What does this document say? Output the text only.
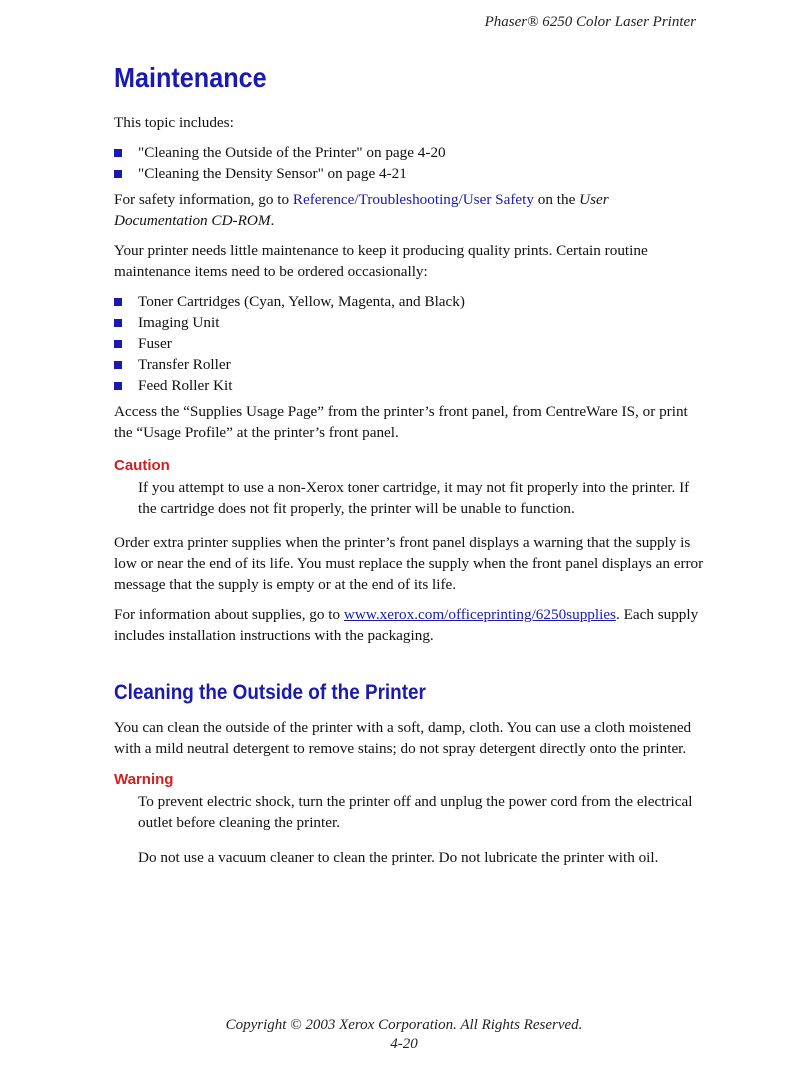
Phaser® 6250 Color Laser Printer
Maintenance

This topic includes:

"Cleaning the Outside of the Printer" on page 4-20
"Cleaning the Density Sensor" on page 4-21

For safety information, go to Reference/Troubleshooting/User Safety on the User Documentation CD-ROM.

Your printer needs little maintenance to keep it producing quality prints. Certain routine maintenance items need to be ordered occasionally:

Toner Cartridges (Cyan, Yellow, Magenta, and Black)
Imaging Unit
Fuser
Transfer Roller
Feed Roller Kit

Access the “Supplies Usage Page” from the printer’s front panel, from CentreWare IS, or print the “Usage Profile” at the printer’s front panel.

Caution

If you attempt to use a non-Xerox toner cartridge, it may not fit properly into the printer. If the cartridge does not fit properly, the printer will be unable to function.

Order extra printer supplies when the printer’s front panel displays a warning that the supply is low or near the end of its life. You must replace the supply when the front panel displays an error message that the supply is empty or at the end of its life.

For information about supplies, go to www.xerox.com/officeprinting/6250supplies. Each supply includes installation instructions with the packaging.

Cleaning the Outside of the Printer

You can clean the outside of the printer with a soft, damp, cloth. You can use a cloth moistened with a mild neutral detergent to remove stains; do not spray detergent directly onto the printer.

Warning

To prevent electric shock, turn the printer off and unplug the power cord from the electrical outlet before cleaning the printer.

Do not use a vacuum cleaner to clean the printer. Do not lubricate the printer with oil.

Copyright © 2003 Xerox Corporation. All Rights Reserved.
4-20
